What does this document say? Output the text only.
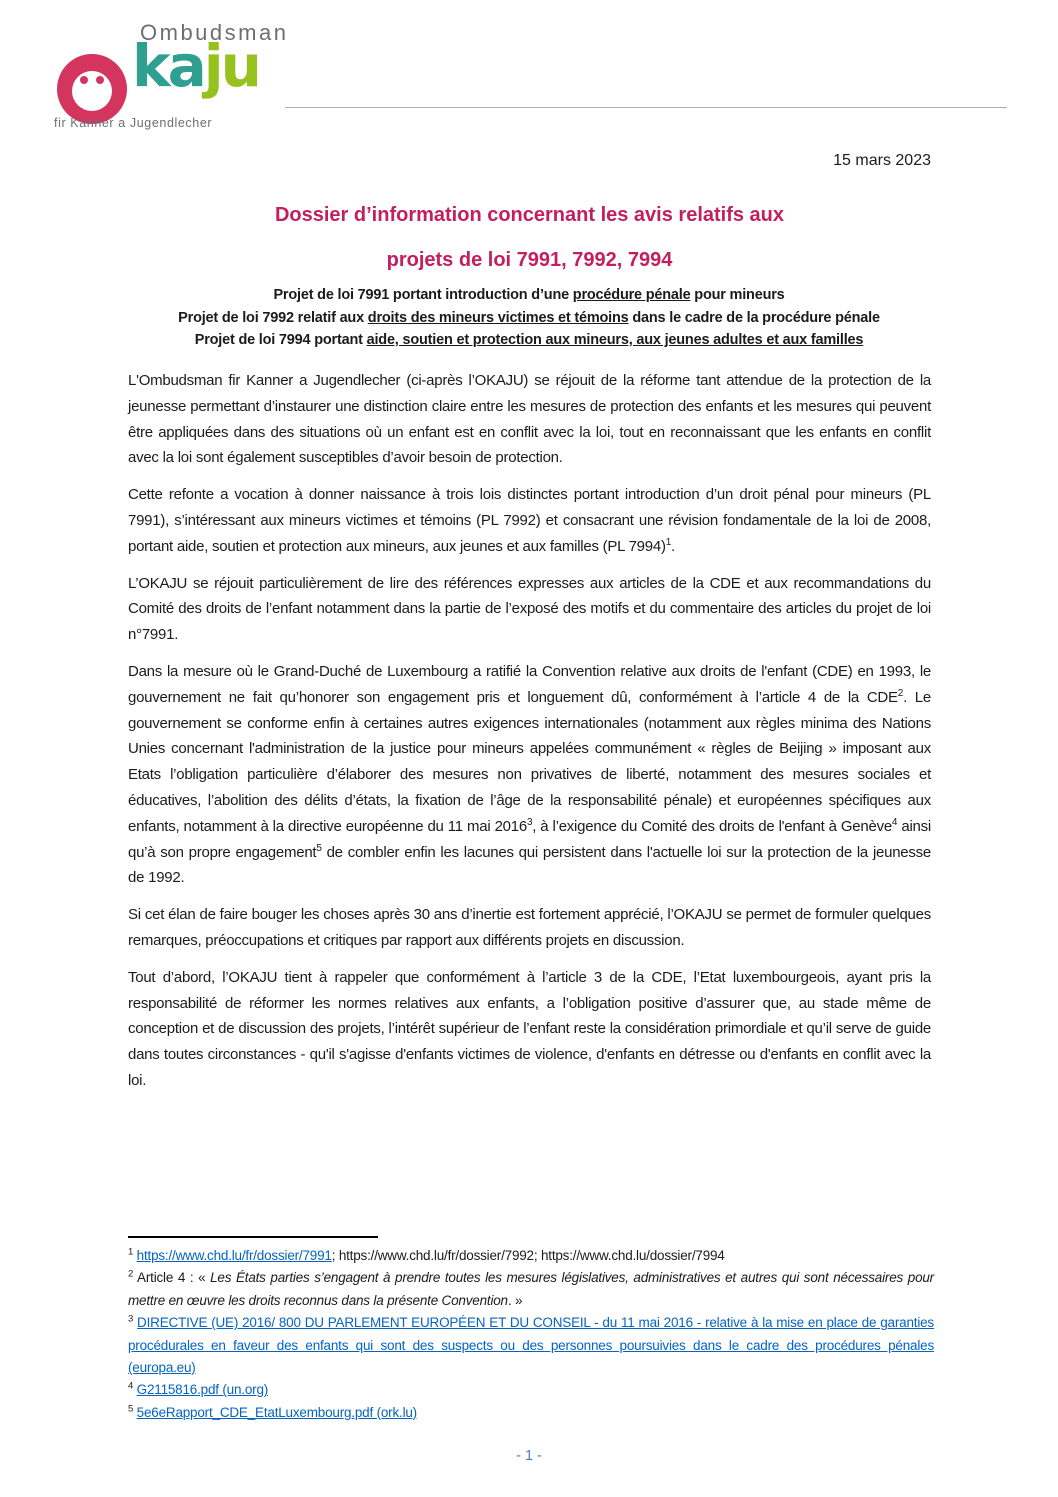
Ombudsman
kaju
fir Kanner a Jugendlecher
15 mars 2023
Dossier d’information concernant les avis relatifs aux
projets de loi 7991, 7992, 7994
Projet de loi 7991 portant introduction d’une procédure pénale pour mineurs
Projet de loi 7992 relatif aux droits des mineurs victimes et témoins dans le cadre de la procédure pénale
Projet de loi 7994 portant aide, soutien et protection aux mineurs, aux jeunes adultes et aux familles

L'Ombudsman fir Kanner a Jugendlecher (ci-après l’OKAJU) se réjouit de la réforme tant attendue de la protection de la jeunesse permettant d’instaurer une distinction claire entre les mesures de protection des enfants et les mesures qui peuvent être appliquées dans des situations où un enfant est en conflit avec la loi, tout en reconnaissant que les enfants en conflit avec la loi sont également susceptibles d’avoir besoin de protection.

Cette refonte a vocation à donner naissance à trois lois distinctes portant introduction d’un droit pénal pour mineurs (PL 7991), s’intéressant aux mineurs victimes et témoins (PL 7992) et consacrant une révision fondamentale de la loi de 2008, portant aide, soutien et protection aux mineurs, aux jeunes et aux familles (PL 7994)$^1$.

L’OKAJU se réjouit particulièrement de lire des références expresses aux articles de la CDE et aux recommandations du Comité des droits de l’enfant notamment dans la partie de l’exposé des motifs et du commentaire des articles du projet de loi n°7991.

Dans la mesure où le Grand-Duché de Luxembourg a ratifié la Convention relative aux droits de l'enfant (CDE) en 1993, le gouvernement ne fait qu’honorer son engagement pris et longuement dû, conformément à l’article 4 de la CDE$^2$. Le gouvernement se conforme enfin à certaines autres exigences internationales (notamment aux règles minima des Nations Unies concernant l'administration de la justice pour mineurs appelées communément « règles de Beijing » imposant aux Etats l’obligation particulière d’élaborer des mesures non privatives de liberté, notamment des mesures sociales et éducatives, l’abolition des délits d’états, la fixation de l’âge de la responsabilité pénale) et européennes spécifiques aux enfants, notamment à la directive européenne du 11 mai 2016$^3$, à l’exigence du Comité des droits de l'enfant à Genève$^4$ ainsi qu’à son propre engagement$^5$ de combler enfin les lacunes qui persistent dans l'actuelle loi sur la protection de la jeunesse de 1992.

Si cet élan de faire bouger les choses après 30 ans d’inertie est fortement apprécié, l’OKAJU se permet de formuler quelques remarques, préoccupations et critiques par rapport aux différents projets en discussion.

Tout d’abord, l’OKAJU tient à rappeler que conformément à l’article 3 de la CDE, l’Etat luxembourgeois, ayant pris la responsabilité de réformer les normes relatives aux enfants, a l’obligation positive d’assurer que, au stade même de conception et de discussion des projets, l’intérêt supérieur de l’enfant reste la considération primordiale et qu’il serve de guide dans toutes circonstances - qu'il s'agisse d'enfants victimes de violence, d'enfants en détresse ou d'enfants en conflit avec la loi.

$^1$ https://www.chd.lu/fr/dossier/7991; https://www.chd.lu/fr/dossier/7992; https://www.chd.lu/dossier/7994
$^2$ Article 4 : « Les États parties s’engagent à prendre toutes les mesures législatives, administratives et autres qui sont nécessaires pour mettre en œuvre les droits reconnus dans la présente Convention. »
$^3$ DIRECTIVE (UE) 2016/ 800 DU PARLEMENT EUROPÉEN ET DU CONSEIL - du 11 mai 2016 - relative à la mise en place de garanties procédurales en faveur des enfants qui sont des suspects ou des personnes poursuivies dans le cadre des procédures pénales (europa.eu)
$^4$ G2115816.pdf (un.org)
$^5$ 5e6eRapport_CDE_EtatLuxembourg.pdf (ork.lu)
- 1 -
